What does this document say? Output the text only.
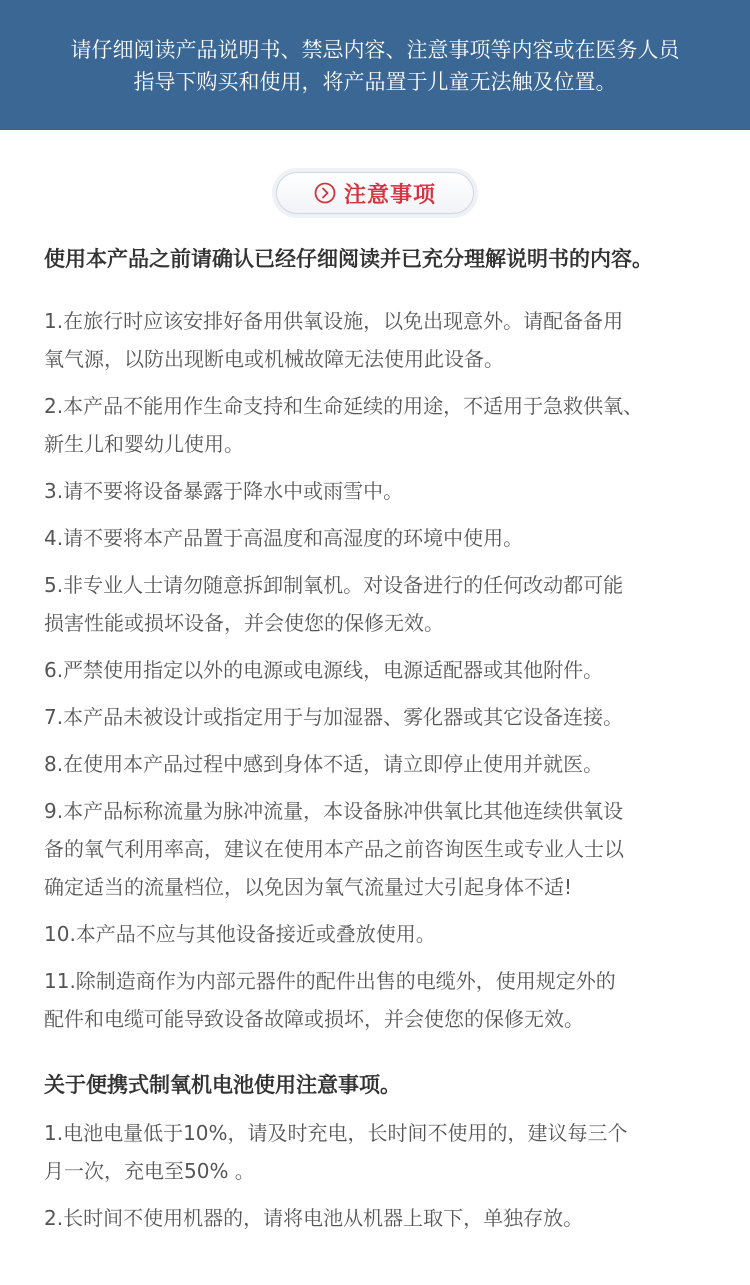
请仔细阅读产品说明书、禁忌内容、注意事项等内容或在医务人员
指导下购买和使用，将产品置于儿童无法触及位置。
注意事项
使用本产品之前请确认已经仔细阅读并已充分理解说明书的内容。
1.在旅行时应该安排好备用供氧设施，以免出现意外。请配备备用
氧气源，以防出现断电或机械故障无法使用此设备。
2.本产品不能用作生命支持和生命延续的用途，不适用于急救供氧、
新生儿和婴幼儿使用。
3.请不要将设备暴露于降水中或雨雪中。
4.请不要将本产品置于高温度和高湿度的环境中使用。
5.非专业人士请勿随意拆卸制氧机。对设备进行的任何改动都可能
损害性能或损坏设备，并会使您的保修无效。
6.严禁使用指定以外的电源或电源线，电源适配器或其他附件。
7.本产品未被设计或指定用于与加湿器、雾化器或其它设备连接。
8.在使用本产品过程中感到身体不适，请立即停止使用并就医。
9.本产品标称流量为脉冲流量，本设备脉冲供氧比其他连续供氧设
备的氧气利用率高，建议在使用本产品之前咨询医生或专业人士以
确定适当的流量档位，以免因为氧气流量过大引起身体不适!
10.本产品不应与其他设备接近或叠放使用。
11.除制造商作为内部元器件的配件出售的电缆外，使用规定外的
配件和电缆可能导致设备故障或损坏，并会使您的保修无效。
关于便携式制氧机电池使用注意事项。
1.电池电量低于10%，请及时充电，长时间不使用的，建议每三个
月一次，充电至50% 。
2.长时间不使用机器的，请将电池从机器上取下，单独存放。
